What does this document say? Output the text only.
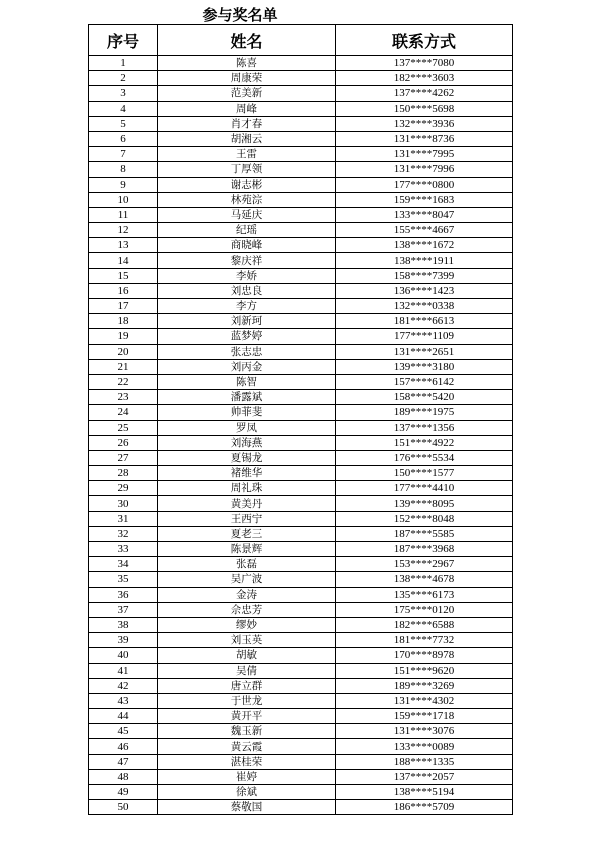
参与奖名单
序号	姓名	联系方式
1	陈喜	137****7080
2	周康荣	182****3603
3	范美新	137****4262
4	周峰	150****5698
5	肖才春	132****3936
6	胡湘云	131****8736
7	王雷	131****7995
8	丁厚领	131****7996
9	谢志彬	177****0800
10	林苑淙	159****1683
11	马延庆	133****8047
12	纪瑶	155****4667
13	商晓峰	138****1672
14	黎庆祥	138****1911
15	李娇	158****7399
16	刘忠良	136****1423
17	李方	132****0338
18	刘新珂	181****6613
19	蓝梦婷	177****1109
20	张志忠	131****2651
21	刘丙金	139****3180
22	陈智	157****6142
23	潘露斌	158****5420
24	帅菲斐	189****1975
25	罗凤	137****1356
26	刘海燕	151****4922
27	夏锡龙	176****5534
28	褚维华	150****1577
29	周礼珠	177****4410
30	黄美丹	139****8095
31	王西宁	152****8048
32	夏老三	187****5585
33	陈景辉	187****3968
34	张磊	153****2967
35	吴广波	138****4678
36	金涛	135****6173
37	佘忠芳	175****0120
38	缪妙	182****6588
39	刘玉英	181****7732
40	胡敏	170****8978
41	吴倩	151****9620
42	唐立群	189****3269
43	于世龙	131****4302
44	黄开平	159****1718
45	魏玉新	131****3076
46	黄云霞	133****0089
47	湛桂荣	188****1335
48	崔婷	137****2057
49	徐斌	138****5194
50	蔡敬国	186****5709
